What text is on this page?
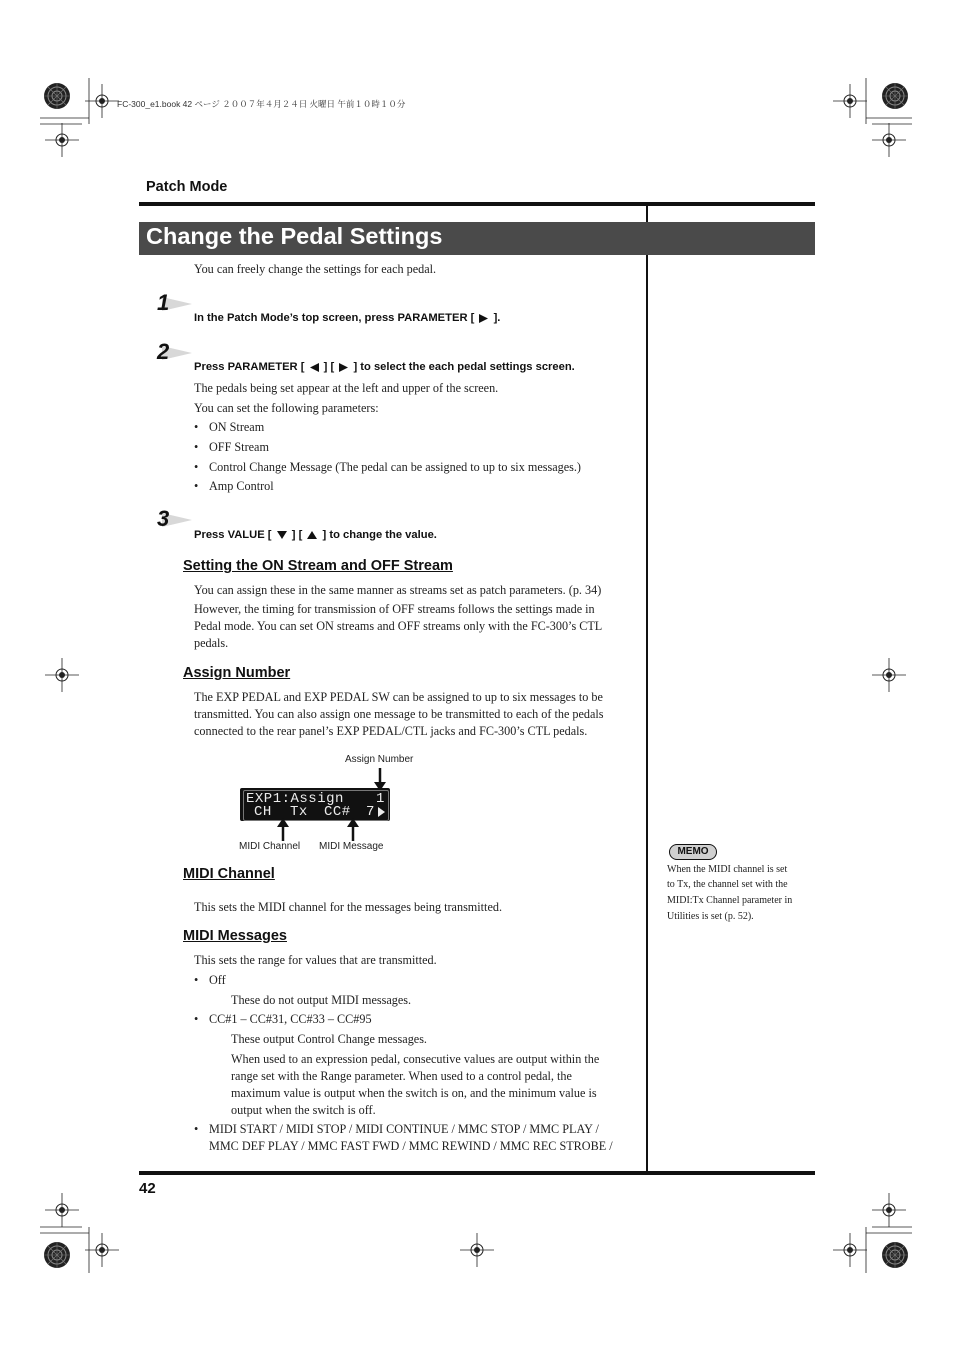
FC-300_e1.book 42 ページ ２００７年４月２４日 火曜日 午前１０時１０分
Patch Mode
Change the Pedal Settings
You can freely change the settings for each pedal.
1
In the Patch Mode’s top screen, press PARAMETER [ ].
2
Press PARAMETER [ ] [ ] to select the each pedal settings screen.
The pedals being set appear at the left and upper of the screen.
You can set the following parameters:
• ON Stream
• OFF Stream
• Control Change Message (The pedal can be assigned to up to six messages.)
• Amp Control
3
Press VALUE [ ] [ ] to change the value.
Setting the ON Stream and OFF Stream
You can assign these in the same manner as streams set as patch parameters. (p. 34)
However, the timing for transmission of OFF streams follows the settings made in
Pedal mode. You can set ON streams and OFF streams only with the FC-300’s CTL
pedals.
Assign Number
The EXP PEDAL and EXP PEDAL SW can be assigned to up to six messages to be
transmitted. You can also assign one message to be transmitted to each of the pedals
connected to the rear panel’s EXP PEDAL/CTL jacks and FC-300’s CTL pedals.
Assign Number
EXP1:Assign 1
CH Tx CC# 7
MIDI Channel MIDI Message
MIDI Channel
This sets the MIDI channel for the messages being transmitted.
MIDI Messages
This sets the range for values that are transmitted.
• Off
These do not output MIDI messages.
• CC#1 – CC#31, CC#33 – CC#95
These output Control Change messages.
When used to an expression pedal, consecutive values are output within the
range set with the Range parameter. When used to a control pedal, the
maximum value is output when the switch is on, and the minimum value is
output when the switch is off.
• MIDI START / MIDI STOP / MIDI CONTINUE / MMC STOP / MMC PLAY /
MMC DEF PLAY / MMC FAST FWD / MMC REWIND / MMC REC STROBE /
MEMO
When the MIDI channel is set
to Tx, the channel set with the
MIDI:Tx Channel parameter in
Utilities is set (p. 52).
42
